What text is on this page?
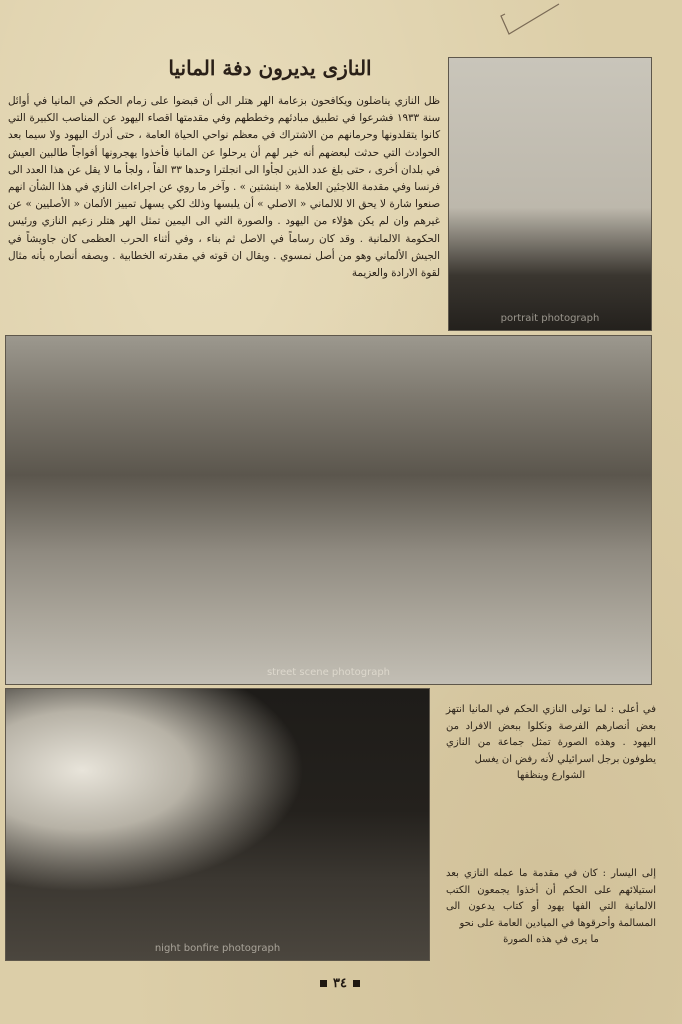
النازى يديرون دفة المانيا
ظل النازي يناضلون ويكافحون بزعامة الهر هتلر الى أن قبضوا على زمام الحكم في المانيا في أوائل سنة ١٩٣٣ فشرعوا في تطبيق مبادئهم وخططهم وفي مقدمتها اقصاء اليهود عن المناصب الكبيرة التي كانوا يتقلدونها وحرمانهم من الاشتراك في معظم نواحي الحياة العامة ، حتى أدرك اليهود ولا سيما بعد الحوادث التي حدثت لبعضهم أنه خير لهم أن يرحلوا عن المانيا فأخذوا يهجرونها أفواجاً طالبين العيش في بلدان أخرى ، حتى بلغ عدد الذين لجأوا الى انجلترا وحدها ٣٣ الفاً ، ولجأ ما لا يقل عن هذا العدد الى فرنسا وفي مقدمة اللاجئين العلامة « اينشتين » . وآخر ما روي عن اجراءات النازي في هذا الشأن انهم صنعوا شارة لا يحق الا للالماني « الاصلي » أن يلبسها وذلك لكي يسهل تمييز الألمان « الأصليين » عن غيرهم وان لم يكن هؤلاء من اليهود . والصورة التي الى اليمين تمثل الهر هتلر زعيم النازي ورئيس الحكومة الالمانية . وقد كان رساماً في الاصل ثم بناء ، وفي أثناء الحرب العظمى كان جاويشاً في الجيش الألماني وهو من أصل نمسوي . ويقال ان قوته في مقدرته الخطابية . ويصفه أنصاره بأنه مثال لقوة الارادة والعزيمة
portrait photograph
street scene photograph
night bonfire photograph
في أعلى : لما تولى النازي الحكم في المانيا انتهز بعض أنصارهم الفرصة ونكلوا ببعض الافراد من اليهود . وهذه الصورة تمثل جماعة من النازي يطوفون برجل اسرائيلي لأنه رفض ان يغسل
الشوارع وينظفها
إلى اليسار : كان في مقدمة ما عمله النازي بعد استيلائهم على الحكم أن أخذوا يجمعون الكتب الالمانية التي الفها يهود أو كتاب يدعون الى المسالمة وأحرقوها في الميادين العامة على نحو
ما يرى في هذه الصورة
٣٤
